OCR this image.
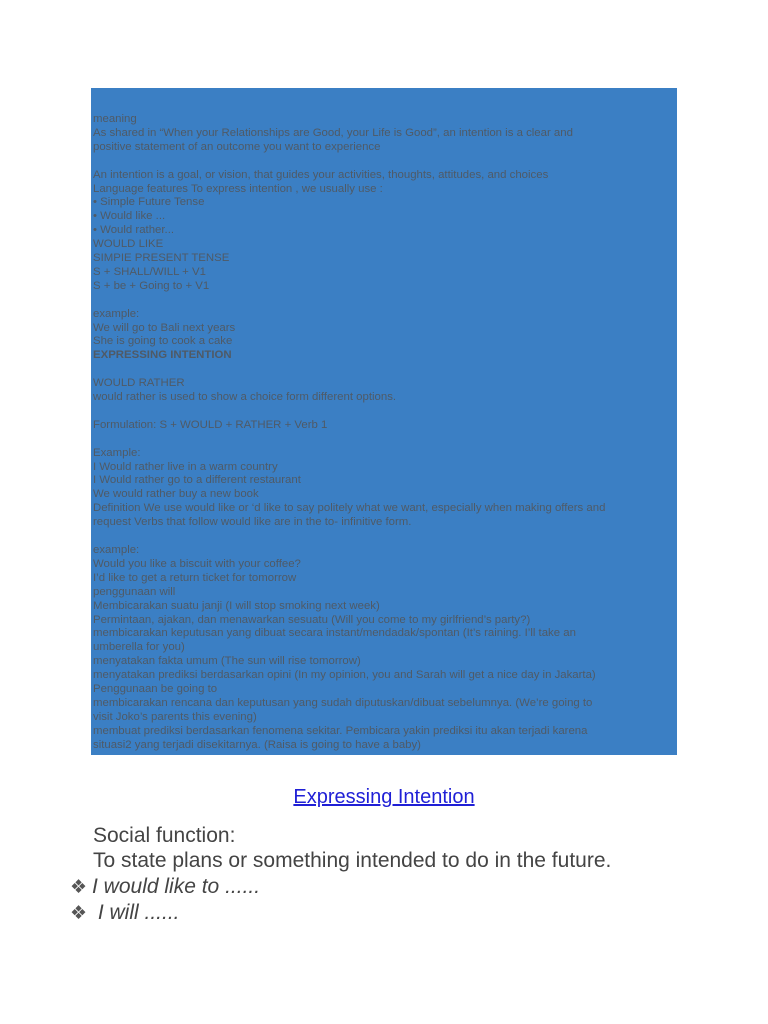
meaning
As shared in “When your Relationships are Good, your Life is Good”, an intention is a clear and
positive statement of an outcome you want to experience
An intention is a goal, or vision, that guides your activities, thoughts, attitudes, and choices
Language features To express intention , we usually use :
• Simple Future Tense
• Would like ...
• Would rather...
WOULD LIKE
SIMPIE PRESENT TENSE
S + SHALL/WILL + V1
S + be + Going to + V1
example:
We will go to Bali next years
She is going to cook a cake
EXPRESSING INTENTION
WOULD RATHER
would rather is used to show a choice form different options.
Formulation: S + WOULD + RATHER + Verb 1
Example:
I Would rather live in a warm country
I Would rather go to a different restaurant
We would rather buy a new book
Definition We use would like or ‘d like to say politely what we want, especially when making offers and
request Verbs that follow would like are in the to- infinitive form.
example:
Would you like a biscuit with your coffee?
I’d like to get a return ticket for tomorrow
penggunaan will
Membicarakan suatu janji (I will stop smoking next week)
Permintaan, ajakan, dan menawarkan sesuatu (Will you come to my girlfriend’s party?)
membicarakan keputusan yang dibuat secara instant/mendadak/spontan (It’s raining. I’ll take an
umberella for you)
menyatakan fakta umum (The sun will rise tomorrow)
menyatakan prediksi berdasarkan opini (In my opinion, you and Sarah will get a nice day in Jakarta)
Penggunaan be going to
membicarakan rencana dan keputusan yang sudah diputuskan/dibuat sebelumnya. (We’re going to
visit Joko’s parents this evening)
membuat prediksi berdasarkan fenomena sekitar. Pembicara yakin prediksi itu akan terjadi karena
situasi2 yang terjadi disekitarnya. (Raisa is going to have a baby)
Expressing Intention
Social function:
To state plans or something intended to do in the future.
❖ I would like to ......
❖ I will ......
